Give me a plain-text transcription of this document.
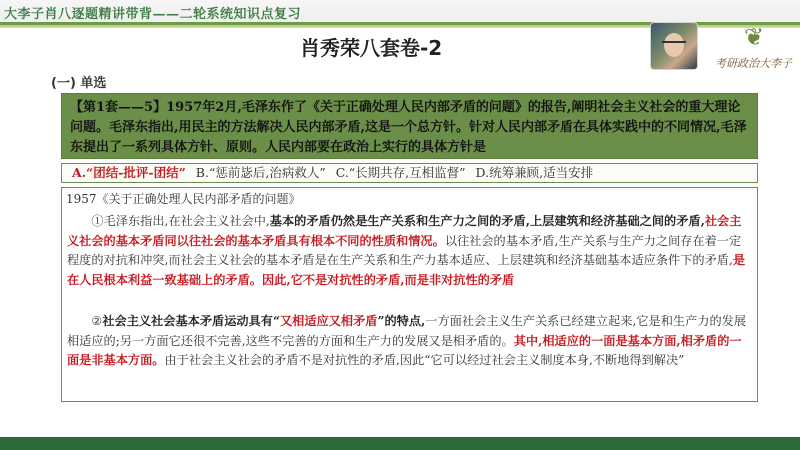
大李子肖八逐题精讲带背——二轮系统知识点复习
肖秀荣八套卷-2	❦
考研政治大李子
(一) 单选
【第1套——5】1957年2月,毛泽东作了《关于正确处理人民内部矛盾的问题》的报告,阐明社会主义社会的重大理论问题。毛泽东指出,用民主的方法解决人民内部矛盾,这是一个总方针。针对人民内部矛盾在具体实践中的不同情况,毛泽东提出了一系列具体方针、原则。人民内部要在政治上实行的具体方针是
A.“团结-批评-团结” B.“惩前毖后,治病救人” C.“长期共存,互相监督” D.统筹兼顾,适当安排
1957《关于正确处理人民内部矛盾的问题》
①毛泽东指出,在社会主义社会中,基本的矛盾仍然是生产关系和生产力之间的矛盾,上层建筑和经济基础之间的矛盾,社会主义社会的基本矛盾同以往社会的基本矛盾具有根本不同的性质和情况。以往社会的基本矛盾,生产关系与生产力之间存在着一定程度的对抗和冲突,而社会主义社会的基本矛盾是在生产关系和生产力基本适应、上层建筑和经济基础基本适应条件下的矛盾,是在人民根本利益一致基础上的矛盾。因此,它不是对抗性的矛盾,而是非对抗性的矛盾
②社会主义社会基本矛盾运动具有“又相适应又相矛盾”的特点,一方面社会主义生产关系已经建立起来,它是和生产力的发展相适应的;另一方面它还很不完善,这些不完善的方面和生产力的发展又是相矛盾的。其中,相适应的一面是基本方面,相矛盾的一面是非基本方面。由于社会主义社会的矛盾不是对抗性的矛盾,因此“它可以经过社会主义制度本身,不断地得到解决”
